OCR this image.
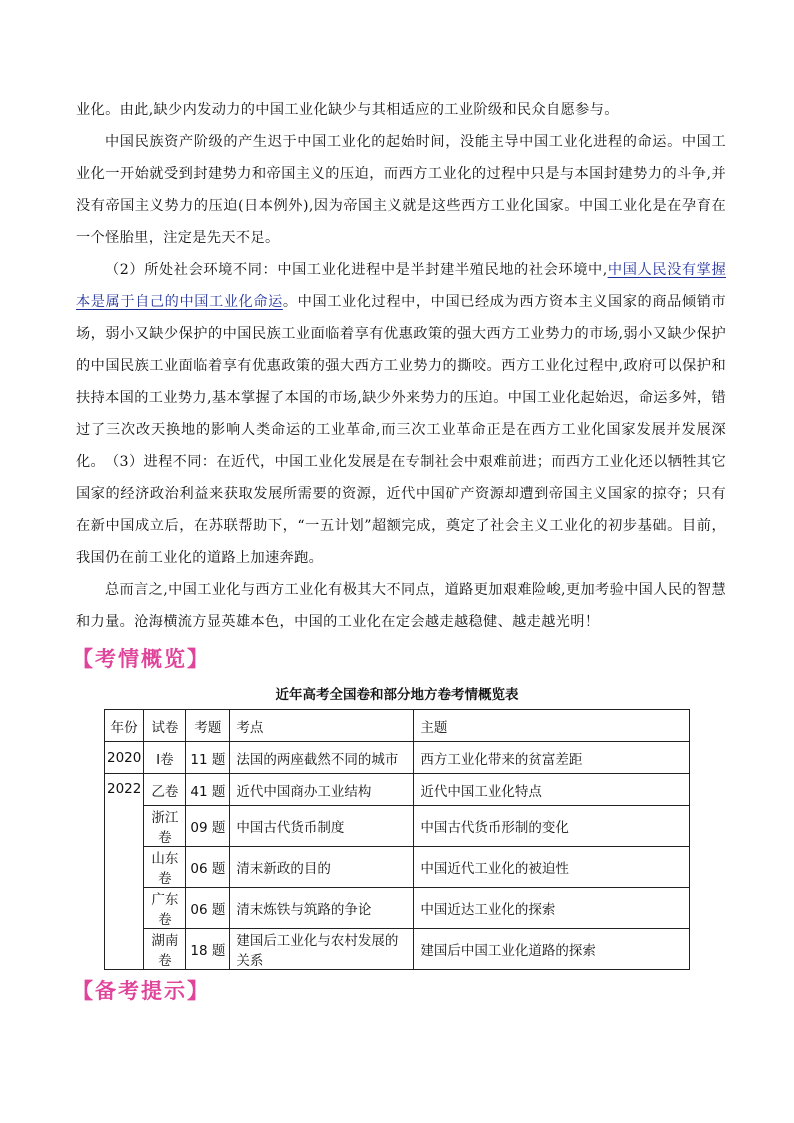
业化。由此,缺少内发动力的中国工业化缺少与其相适应的工业阶级和民众自愿参与。

中国民族资产阶级的产生迟于中国工业化的起始时间，没能主导中国工业化进程的命运。中国工业化一开始就受到封建势力和帝国主义的压迫，而西方工业化的过程中只是与本国封建势力的斗争,并没有帝国主义势力的压迫(日本例外),因为帝国主义就是这些西方工业化国家。中国工业化是在孕育在一个怪胎里，注定是先天不足。

（2）所处社会环境不同：中国工业化进程中是半封建半殖民地的社会环境中,中国人民没有掌握本是属于自己的中国工业化命运。中国工业化过程中，中国已经成为西方资本主义国家的商品倾销市场，弱小又缺少保护的中国民族工业面临着享有优惠政策的强大西方工业势力的市场,弱小又缺少保护的中国民族工业面临着享有优惠政策的强大西方工业势力的撕咬。西方工业化过程中,政府可以保护和扶持本国的工业势力,基本掌握了本国的市场,缺少外来势力的压迫。中国工业化起始迟，命运多舛，错过了三次改天换地的影响人类命运的工业革命,而三次工业革命正是在西方工业化国家发展并发展深化。 （3）进程不同：在近代，中国工业化发展是在专制社会中艰难前进；而西方工业化还以牺牲其它国家的经济政治利益来获取发展所需要的资源，近代中国矿产资源却遭到帝国主义国家的掠夺；只有在新中国成立后，在苏联帮助下，“一五计划”超额完成，奠定了社会主义工业化的初步基础。目前，我国仍在前工业化的道路上加速奔跑。

总而言之,中国工业化与西方工业化有极其大不同点，道路更加艰难险峻,更加考验中国人民的智慧和力量。沧海横流方显英雄本色，中国的工业化在定会越走越稳健、越走越光明！

【考情概览】

近年高考全国卷和部分地方卷考情概览表

年份	试卷	考题	考点	主题
2020	Ⅰ卷	11 题	法国的两座截然不同的城市	西方工业化带来的贫富差距
2022	乙卷	41 题	近代中国商办工业结构	近代中国工业化特点
	浙江卷	09 题	中国古代货币制度	中国古代货币形制的变化
	山东卷	06 题	清末新政的目的	中国近代工业化的被迫性
	广东卷	06 题	清末炼铁与筑路的争论	中国近达工业化的探索
	湖南卷	18 题	建国后工业化与农村发展的关系	建国后中国工业化道路的探索
【备考提示】
